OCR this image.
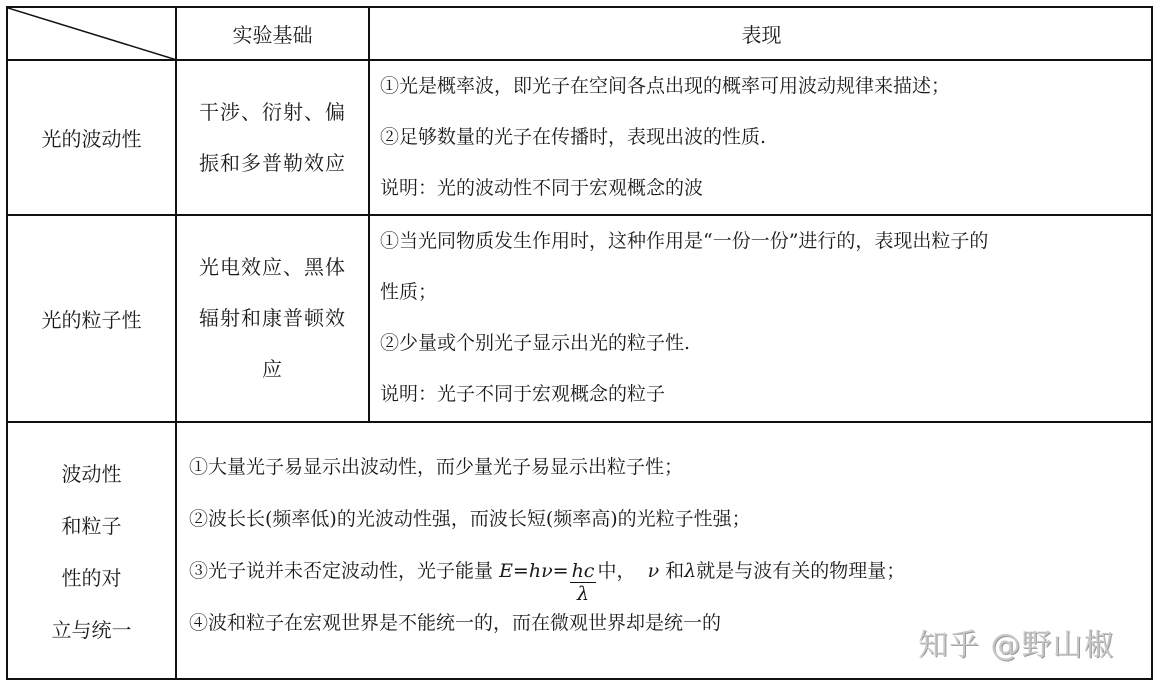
实验基础	表现
光的波动性
干涉、衍射、偏
振和多普勒效应
①光是概率波，即光子在空间各点出现的概率可用波动规律来描述；
②足够数量的光子在传播时，表现出波的性质.
说明：光的波动性不同于宏观概念的波
光的粒子性
光电效应、黑体
辐射和康普顿效
应
①当光同物质发生作用时，这种作用是“一份一份”进行的，表现出粒子的
性质；
②少量或个别光子显示出光的粒子性.
说明：光子不同于宏观概念的粒子
波动性
和粒子
性的对
立与统一
①大量光子易显示出波动性，而少量光子易显示出粒子性；
②波长长(频率低)的光波动性强，而波长短(频率高)的光粒子性强；
③光子说并未否定波动性，光子能量 $E=h\nu= \frac{hc}{\lambda}$ 中， ν 和λ就是与波有关的物理量；
④波和粒子在宏观世界是不能统一的，而在微观世界却是统一的
知乎 @野山椒
